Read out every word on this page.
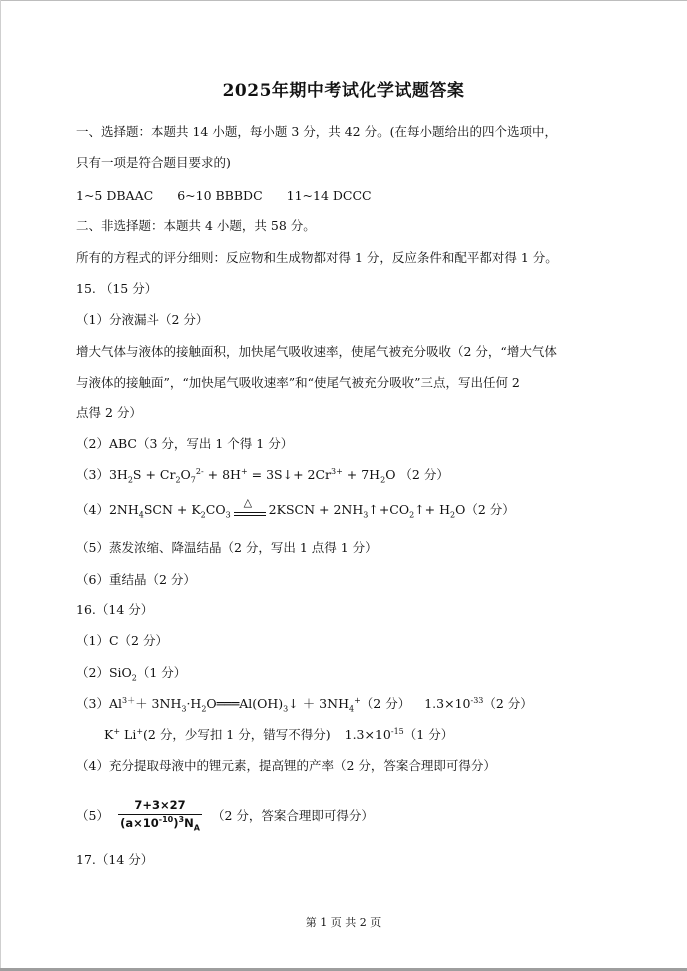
2025年期中考试化学试题答案
一、选择题：本题共 14 小题，每小题 3 分，共 42 分。(在每小题给出的四个选项中，
只有一项是符合题目要求的)
1~5 DBAAC 6~10 BBBDC 11~14 DCCC
二、非选择题：本题共 4 小题，共 58 分。
所有的方程式的评分细则：反应物和生成物都对得 1 分，反应条件和配平都对得 1 分。
15. （15 分）
（1）分液漏斗（2 分）
增大气体与液体的接触面积，加快尾气吸收速率，使尾气被充分吸收（2 分，“增大气体
与液体的接触面”，“加快尾气吸收速率”和“使尾气被充分吸收”三点，写出任何 2
点得 2 分）
（2）ABC（3 分，写出 1 个得 1 分）
$(3)3H_2S + Cr_2O_7^{2-} + 8H^+$ = 3S↓+ $2Cr^{3+} + 7H_2O$ （2 分）
$(4)2NH_4SCN + K_2CO_3$
△ 2KSCN + $2NH_3↑+CO_2↑+ H_2O(2$ 分）
（5）蒸发浓缩、降温结晶（2 分，写出 1 点得 1 分）
（6）重结晶（2 分）
16.（14 分）
（1）C（2 分）
（2）SiO$_2$（1 分）
$(3)Al^{3+}+$ $3NH_3\cdot H_2O═══Al(OH)_3↓ + 3NH_4^+(2$ 分） $1.3\times 10^{-33}(2$ 分）
K+ Li+(2 分，少写扣 1 分，错写不得分) $1.3\times 10^{-15}(1$ 分）
（4）充分提取母液中的锂元素，提高锂的产率（2 分，答案合理即可得分）
（5）
7+3×27
$(a\times 10^{-10})^3N_A$
（2 分，答案合理即可得分）
17.（14 分）
第 1 页 共 2 页
